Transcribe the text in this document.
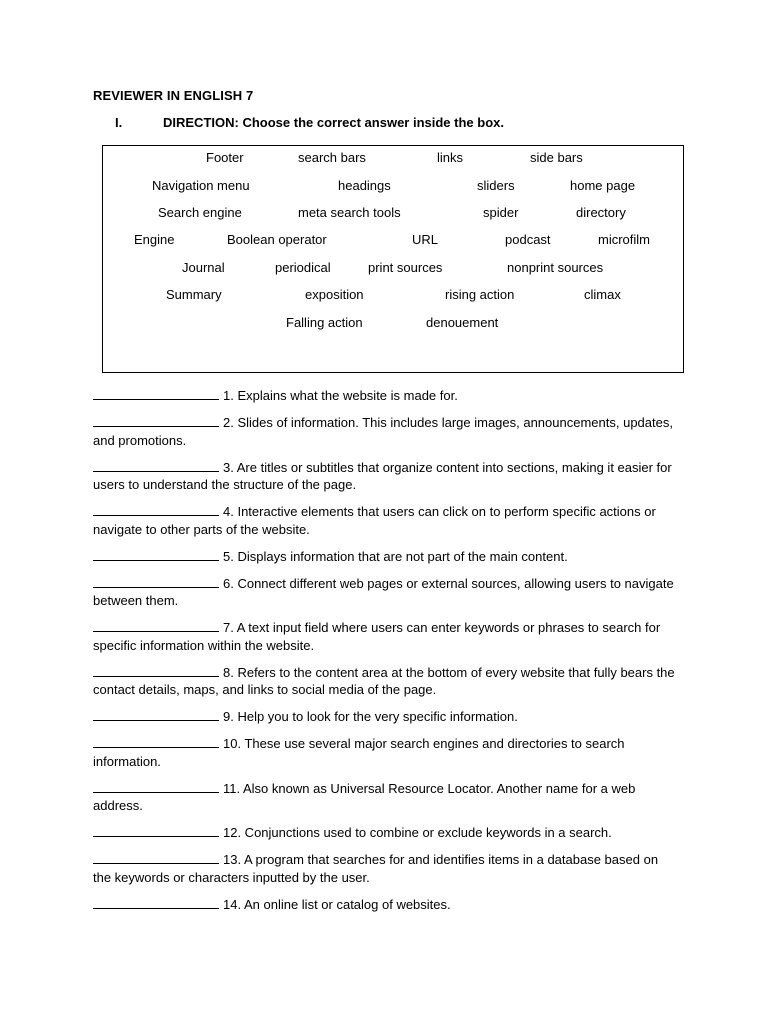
REVIEWER IN ENGLISH 7
I.	DIRECTION: Choose the correct answer inside the box.
Footer	search bars	links	side bars
Navigation menu	headings	sliders	home page
Search engine	meta search tools	spider	directory
Engine	Boolean operator	URL	podcast	microfilm
Journal	periodical	print sources	nonprint sources
Summary	exposition	rising action	climax
Falling action	denouement
1. Explains what the website is made for.
2. Slides of information. This includes large images, announcements, updates, and promotions.
3. Are titles or subtitles that organize content into sections, making it easier for users to understand the structure of the page.
4. Interactive elements that users can click on to perform specific actions or navigate to other parts of the website.
5. Displays information that are not part of the main content.
6. Connect different web pages or external sources, allowing users to navigate between them.
7. A text input field where users can enter keywords or phrases to search for specific information within the website.
8. Refers to the content area at the bottom of every website that fully bears the contact details, maps, and links to social media of the page.
9. Help you to look for the very specific information.
10. These use several major search engines and directories to search information.
11. Also known as Universal Resource Locator. Another name for a web address.
12. Conjunctions used to combine or exclude keywords in a search.
13. A program that searches for and identifies items in a database based on the keywords or characters inputted by the user.
14. An online list or catalog of websites.
